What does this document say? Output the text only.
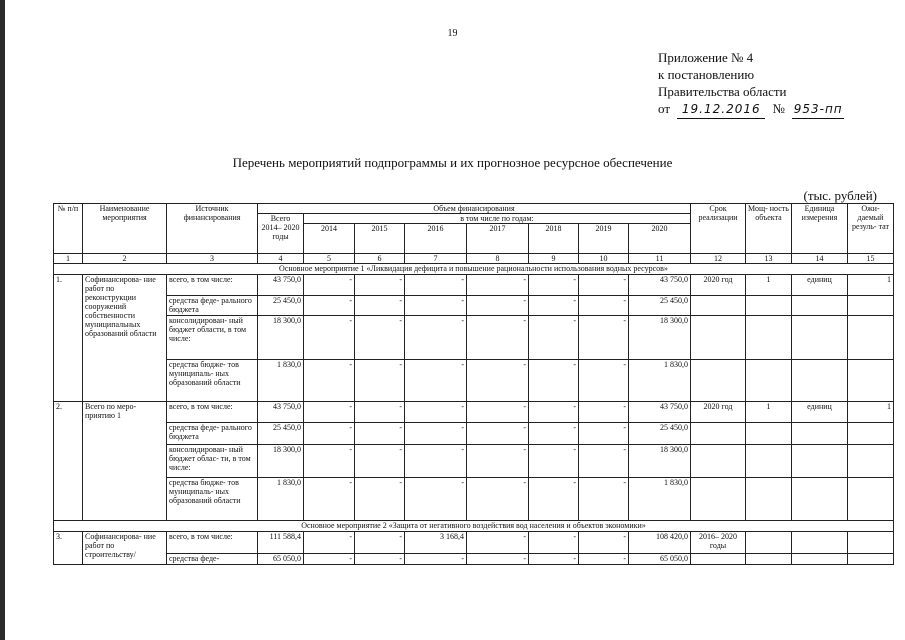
19
Приложение № 4
к постановлению
Правительства области
от 19.12.2016 № 953-пп
Перечень мероприятий подпрограммы и их прогнозное ресурсное обеспечение
(тыс. рублей)
№ п/п	Наименование мероприятия	Источник финансирования	Объем финансирования								Срок реализации	Мощ- ность объекта	Единица измерения	Ожи- даемый резуль- тат
			Всего 2014– 2020 годы	в том числе по годам:										
				2014	2015	2016	2017	2018	2019	2020				
1	2	3	4	5	6	7	8	9	10	11	12	13	14	15
Основное мероприятие 1 «Ликвидация дефицита и повышение рациональности использования водных ресурсов»														
1.	Софинансирова- ние работ по реконструкции сооружений собственности муниципальных образований области	всего, в том числе:	43 750,0	-	-	-	-	-	-	43 750,0	2020 год	1	единиц	1
		средства феде- рального бюджета	25 450,0	-	-	-	-	-	-	25 450,0				
		консолидирован- ный бюджет области, в том числе:	18 300,0	-	-	-	-	-	-	18 300,0				
		средства бюдже- тов муниципаль- ных образований области	1 830,0	-	-	-	-	-	-	1 830,0				
2.	Всего по меро- приятию 1	всего, в том числе:	43 750,0	-	-	-	-	-	-	43 750,0	2020 год	1	единиц	1
		средства феде- рального бюджета	25 450,0	-	-	-	-	-	-	25 450,0				
		консолидирован- ный бюджет облас- ти, в том числе:	18 300,0	-	-	-	-	-	-	18 300,0				
		средства бюдже- тов муниципаль- ных образований области	1 830,0	-	-	-	-	-	-	1 830,0				
Основное мероприятие 2 «Защита от негативного воздействия вод населения и объектов экономики»														
3.	Софинансирова- ние работ по строительству/	всего, в том числе:	111 588,4	-	-	3 168,4	-	-	-	108 420,0	2016– 2020 годы			
		средства феде-	65 050,0	-	-	-	-	-	-	65 050,0				
